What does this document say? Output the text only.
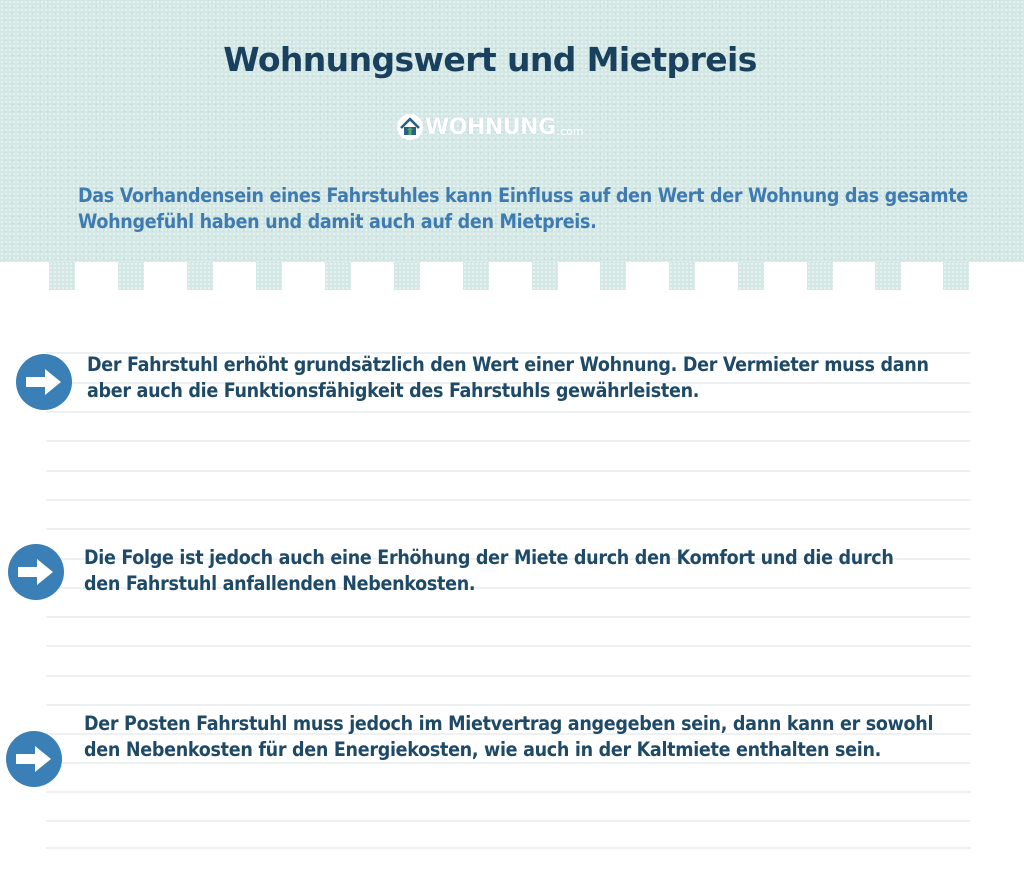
Wohnungswert und Mietpreis
WOHNUNG .com

Das Vorhandensein eines Fahrstuhles kann Einfluss auf den Wert der Wohnung das gesamte Wohngefühl haben und damit auch auf den Mietpreis.

Der Fahrstuhl erhöht grundsätzlich den Wert einer Wohnung. Der Vermieter muss dann aber auch die Funktionsfähigkeit des Fahrstuhls gewährleisten.

Die Folge ist jedoch auch eine Erhöhung der Miete durch den Komfort und die durch den Fahrstuhl anfallenden Nebenkosten.

Der Posten Fahrstuhl muss jedoch im Mietvertrag angegeben sein, dann kann er sowohl den Nebenkosten für den Energiekosten, wie auch in der Kaltmiete enthalten sein.
